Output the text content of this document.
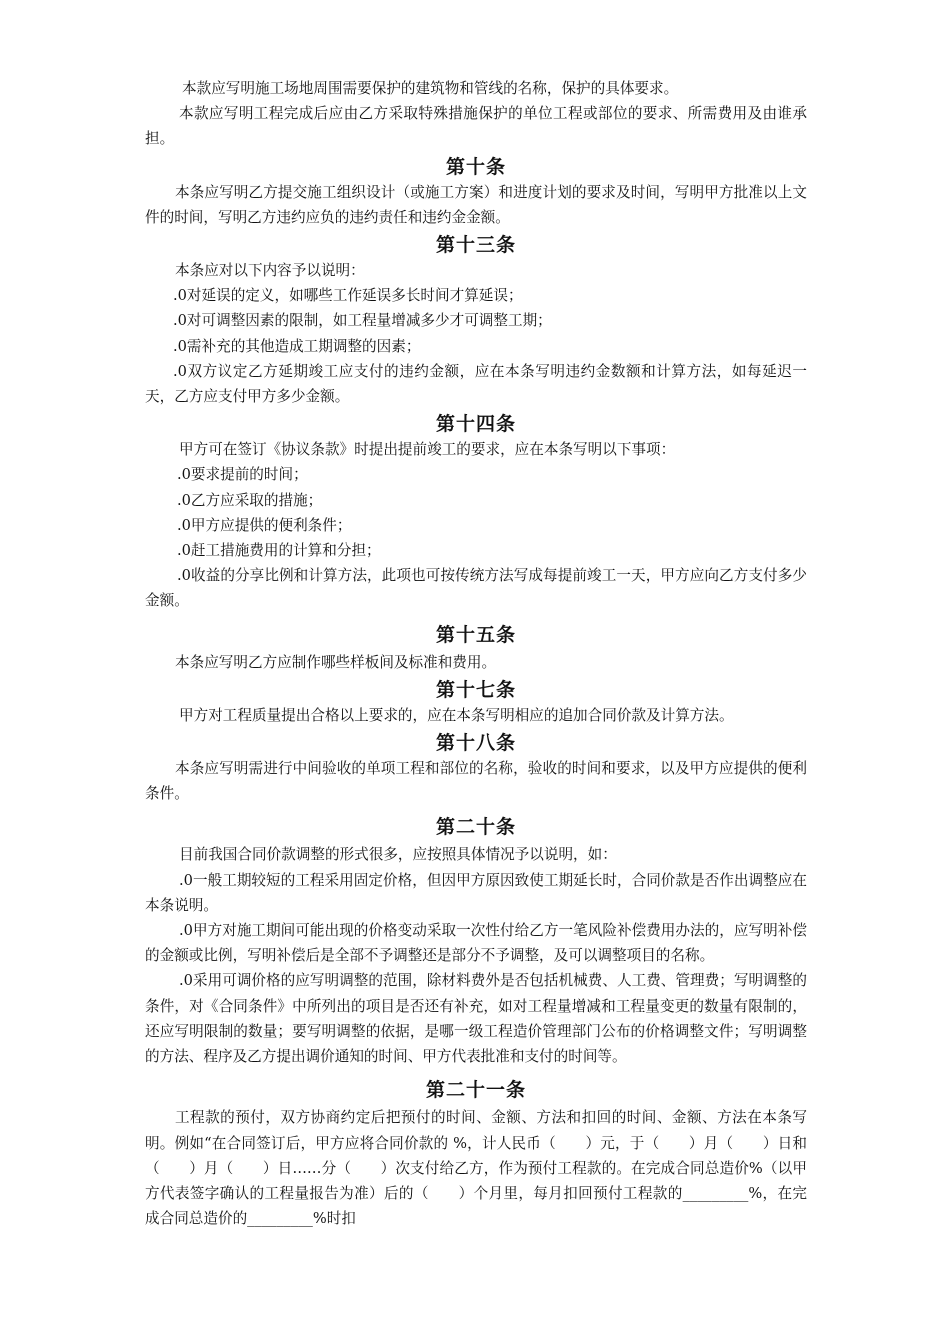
本款应写明施工场地周围需要保护的建筑物和管线的名称，保护的具体要求。

本款应写明工程完成后应由乙方采取特殊措施保护的单位工程或部位的要求、所需费用及由谁承担。

第十条

本条应写明乙方提交施工组织设计（或施工方案）和进度计划的要求及时间，写明甲方批准以上文件的时间，写明乙方违约应负的违约责任和违约金金额。

第十三条

本条应对以下内容予以说明：

.0对延误的定义，如哪些工作延误多长时间才算延误；

.0对可调整因素的限制，如工程量增减多少才可调整工期；

.0需补充的其他造成工期调整的因素；

.0双方议定乙方延期竣工应支付的违约金额，应在本条写明违约金数额和计算方法，如每延迟一天，乙方应支付甲方多少金额。

第十四条

甲方可在签订《协议条款》时提出提前竣工的要求，应在本条写明以下事项：

.0要求提前的时间；

.0乙方应采取的措施；

.0甲方应提供的便利条件；

.0赶工措施费用的计算和分担；

.0收益的分享比例和计算方法，此项也可按传统方法写成每提前竣工一天，甲方应向乙方支付多少金额。

第十五条

本条应写明乙方应制作哪些样板间及标准和费用。

第十七条

甲方对工程质量提出合格以上要求的，应在本条写明相应的追加合同价款及计算方法。

第十八条

本条应写明需进行中间验收的单项工程和部位的名称，验收的时间和要求，以及甲方应提供的便利条件。

第二十条

目前我国合同价款调整的形式很多，应按照具体情况予以说明，如：

.0一般工期较短的工程采用固定价格，但因甲方原因致使工期延长时，合同价款是否作出调整应在本条说明。

.0甲方对施工期间可能出现的价格变动采取一次性付给乙方一笔风险补偿费用办法的，应写明补偿的金额或比例，写明补偿后是全部不予调整还是部分不予调整，及可以调整项目的名称。

.0采用可调价格的应写明调整的范围，除材料费外是否包括机械费、人工费、管理费；写明调整的条件，对《合同条件》中所列出的项目是否还有补充，如对工程量增减和工程量变更的数量有限制的，还应写明限制的数量；要写明调整的依据，是哪一级工程造价管理部门公布的价格调整文件；写明调整的方法、程序及乙方提出调价通知的时间、甲方代表批准和支付的时间等。

第二十一条

工程款的预付，双方协商约定后把预付的时间、金额、方法和扣回的时间、金额、方法在本条写明。例如“在合同签订后，甲方应将合同价款的 %，计人民币（　　）元，于（　　）月（　　）日和（　　）月（　　）日……分（　　）次支付给乙方，作为预付工程款的。在完成合同总造价%（以甲方代表签字确认的工程量报告为准）后的（　　）个月里，每月扣回预付工程款的_________%，在完成合同总造价的_________%时扣
